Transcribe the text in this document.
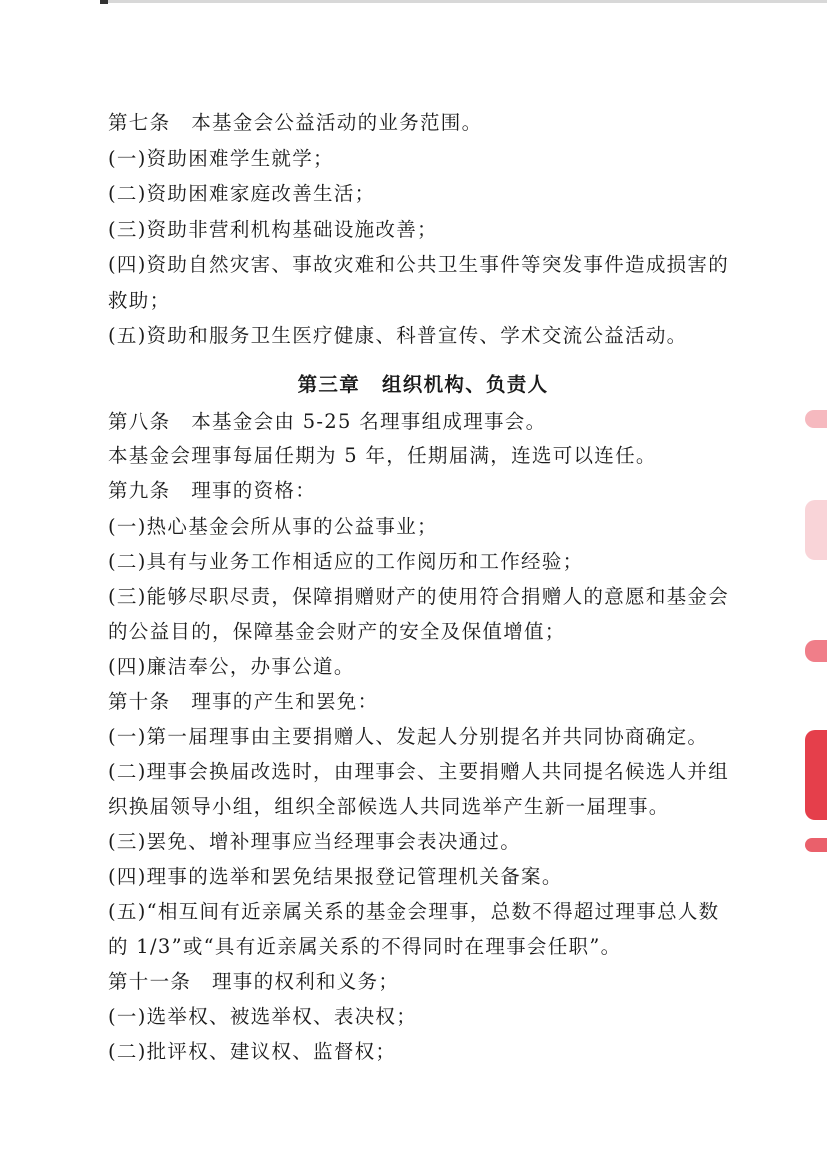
第七条　本基金会公益活动的业务范围。
(一)资助困难学生就学；
(二)资助困难家庭改善生活；
(三)资助非营利机构基础设施改善；
(四)资助自然灾害、事故灾难和公共卫生事件等突发事件造成损害的
救助；
(五)资助和服务卫生医疗健康、科普宣传、学术交流公益活动。
第三章 组织机构、负责人
第八条　本基金会由 5-25 名理事组成理事会。
本基金会理事每届任期为 5 年，任期届满，连选可以连任。
第九条　理事的资格：
(一)热心基金会所从事的公益事业；
(二)具有与业务工作相适应的工作阅历和工作经验；
(三)能够尽职尽责，保障捐赠财产的使用符合捐赠人的意愿和基金会
的公益目的，保障基金会财产的安全及保值增值；
(四)廉洁奉公，办事公道。
第十条　理事的产生和罢免：
(一)第一届理事由主要捐赠人、发起人分别提名并共同协商确定。
(二)理事会换届改选时，由理事会、主要捐赠人共同提名候选人并组
织换届领导小组，组织全部候选人共同选举产生新一届理事。
(三)罢免、增补理事应当经理事会表决通过。
(四)理事的选举和罢免结果报登记管理机关备案。
(五)“相互间有近亲属关系的基金会理事，总数不得超过理事总人数
的 1/3”或“具有近亲属关系的不得同时在理事会任职”。
第十一条　理事的权利和义务；
(一)选举权、被选举权、表决权；
(二)批评权、建议权、监督权；
